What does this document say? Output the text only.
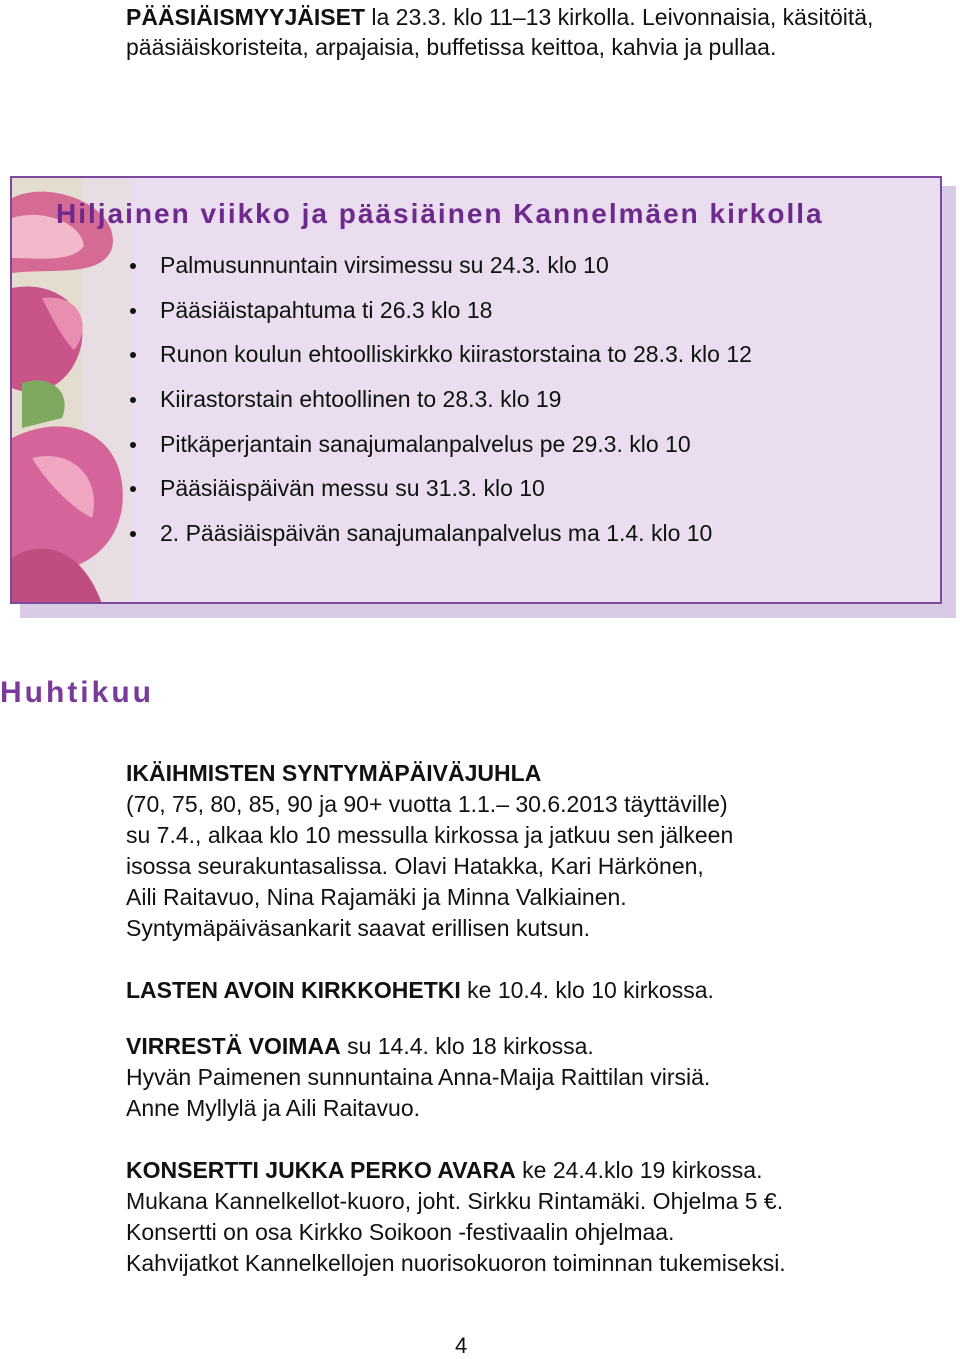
PÄÄSIÄISMYYJÄISET la 23.3. klo 11–13 kirkolla. Leivonnaisia, käsitöitä, pääsiäiskoristeita, arpajaisia, buffetissa keittoa, kahvia ja pullaa.

Hiljainen viikko ja pääsiäinen Kannelmäen kirkolla
Palmusunnuntain virsimessu su 24.3. klo 10
Pääsiäistapahtuma ti 26.3 klo 18
Runon koulun ehtoolliskirkko kiirastorstaina to 28.3. klo 12
Kiirastorstain ehtoollinen to 28.3. klo 19
Pitkäperjantain sanajumalanpalvelus pe 29.3. klo 10
Pääsiäispäivän messu su 31.3. klo 10
2. Pääsiäispäivän sanajumalanpalvelus ma 1.4. klo 10
Huhtikuu
IKÄIHMISTEN SYNTYMÄPÄIVÄJUHLA
(70, 75, 80, 85, 90 ja 90+ vuotta 1.1.– 30.6.2013 täyttäville)
su 7.4., alkaa klo 10 messulla kirkossa ja jatkuu sen jälkeen
isossa seurakuntasalissa. Olavi Hatakka, Kari Härkönen,
Aili Raitavuo, Nina Rajamäki ja Minna Valkiainen.
Syntymäpäiväsankarit saavat erillisen kutsun.
LASTEN AVOIN KIRKKOHETKI ke 10.4. klo 10 kirkossa.
VIRRESTÄ VOIMAA su 14.4. klo 18 kirkossa.
Hyvän Paimenen sunnuntaina Anna-Maija Raittilan virsiä.
Anne Myllylä ja Aili Raitavuo.
KONSERTTI JUKKA PERKO AVARA ke 24.4.klo 19 kirkossa.
Mukana Kannelkellot-kuoro, joht. Sirkku Rintamäki. Ohjelma 5 €.
Konsertti on osa Kirkko Soikoon -festivaalin ohjelmaa.
Kahvijatkot Kannelkellojen nuorisokuoron toiminnan tukemiseksi.
4
